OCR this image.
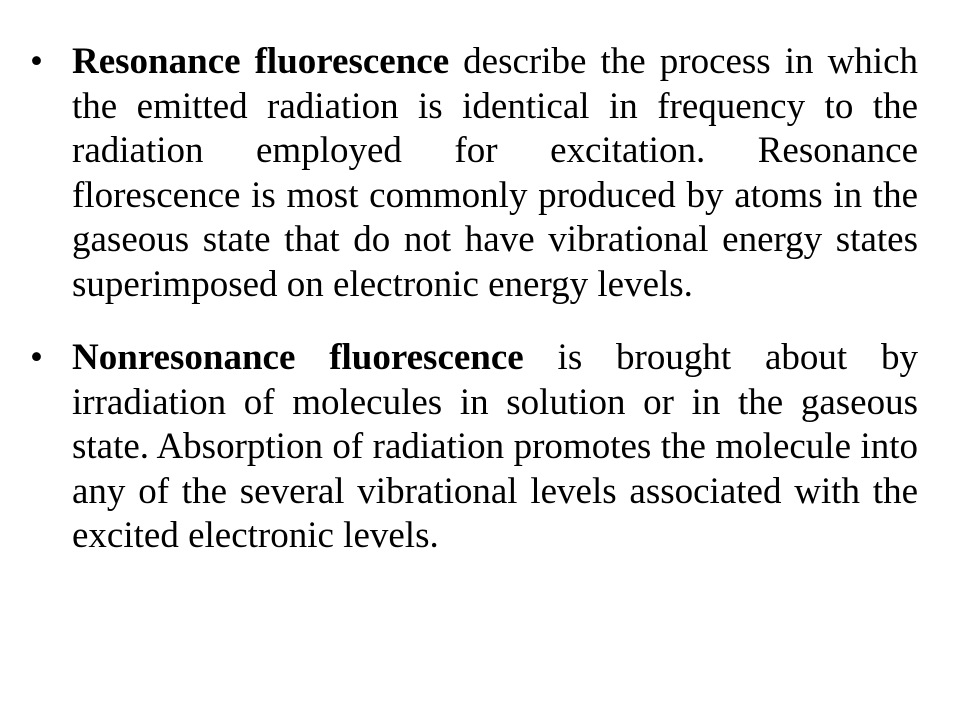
• Resonance fluorescence describe the process in which the emitted radiation is identical in frequency to the radiation employed for excitation. Resonance florescence is most commonly produced by atoms in the gaseous state that do not have vibrational energy states superimposed on electronic energy levels.
• Nonresonance fluorescence is brought about by irradiation of molecules in solution or in the gaseous state. Absorption of radiation promotes the molecule into any of the several vibrational levels associated with the excited electronic levels.
